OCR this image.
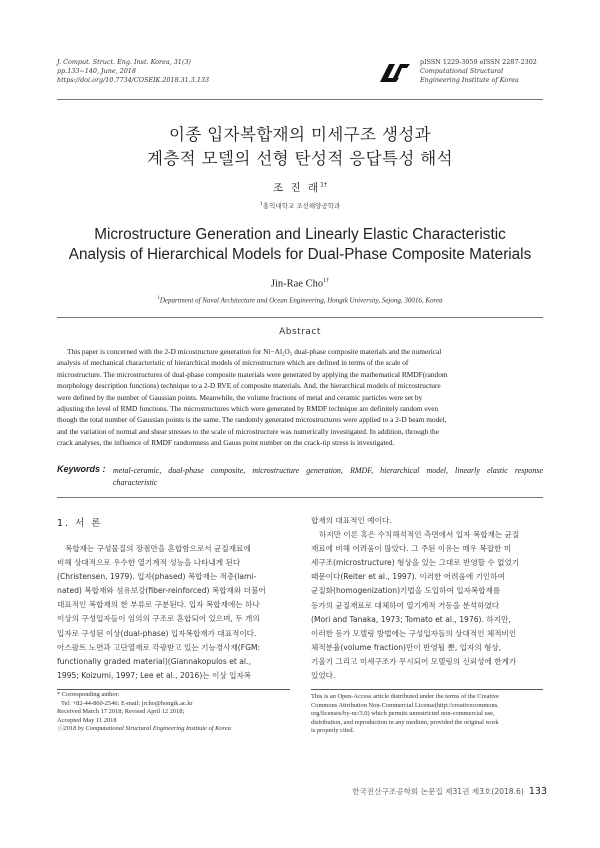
J. Comput. Struct. Eng. Inst. Korea, 31(3)
pp.133~140, June, 2018
https://doi.org/10.7734/COSEIK.2018.31.3.133
pISSN 1229-3059 eISSN 2287-2302
Computational Structural
Engineering Institute of Korea
이종 입자복합재의 미세구조 생성과
계층적 모델의 선형 탄성적 응답특성 해석
조 진 래$^{1\dagger}$
$^1$홍익대학교 조선해양공학과
Microstructure Generation and Linearly Elastic Characteristic
Analysis of Hierarchical Models for Dual-Phase Composite Materials
Jin-Rae Cho$^{1\dagger}$
$^1$Department of Naval Architecture and Ocean Engineering, Hongik University, Sejong, 30016, Korea
Abstract
This paper is concerned with the 2-D micostructure generation for Ni−Al₂O₃ dual-phase composite materials and the numerical
analysis of mechanical characteristic of hierarchical models of microstructure which are defined in terms of the scale of
microstructure. The microstructures of dual-phase composite materials were generated by applying the mathematical RMDF(random
morphology description functions) technique to a 2-D RVE of composite materials. And, the hierarchical models of microstructure
were defined by the number of Gaussian points. Meanwhile, the volume fractions of metal and ceramic particles were set by
adjusting the level of RMD functions. The microstructures which were generated by RMDF technique are definitely random even
though the total number of Gaussian points is the same. The randomly generated microstructures were applied to a 2-D beam model,
and the variation of normal and shear stresses to the scale of microstructure was numerically investigated. In addition, through the
crack analyses, the influence of RMDF randomness and Gauss point number on the crack-tip stress is investigated.
Keywords : metal-ceramic, dual-phase composite, microstructure generation, RMDF, hierarchical model, linearly elastic response characteristic
1. 서 론
복합재는 구성물질의 장점만을 혼합함으로서 균질재료에
비해 상대적으로 우수한 열기계적 성능을 나타내게 된다
(Christensen, 1979). 입자(phased) 복합재는 적층(lami-
nated) 복합재와 섬유보강(fiber-reinforced) 복합재와 더불어
대표적인 복합재의 한 부류로 구분된다. 입자 복합재에는 하나
이상의 구성입자들이 임의의 구조로 혼합되어 있으며, 두 개의
입자로 구성된 이상(dual-phase) 입자복합재가 대표적이다.
아스팔트 노면과 고단열재로 각광받고 있는 기능경사재(FGM:
functionally graded material)(Giannakopulos et al.,
1995; Koizumi, 1997; Lee et al., 2016)는 이상 입자복
합재의 대표적인 예이다.
하지만 이론 혹은 수치해석적인 측면에서 입자 복합재는 균질
재료에 비해 어려움이 많았다. 그 주된 이유는 매우 복잡한 미
세구조(microstructure) 형상을 있는 그대로 반영할 수 없었기
때문이다(Reiter et al., 1997). 이러한 어려움에 기인하여
균질화(homogenization)기법을 도입하여 입자복합재를
등가의 균질재료로 대체하여 열기계적 거동을 분석하였다
(Mori and Tanaka, 1973; Tomato et al., 1976). 하지만,
이러한 등가 모델링 방법에는 구성입자들의 상대적인 체적비인
체적분율(volume fraction)만이 반영될 뿐, 입자의 형상,
기울기 그리고 미세구조가 무시되어 모델링의 신뢰성에 한계가
있었다.
* Corresponding author:
Tel: +82-44-860-2546; E-mail: jrcho@hongik.ac.kr
Received March 17 2018; Revised April 12 2018;
Accepted May 11 2018
ⓒ2018 by Computational Structural Engineering Institute of Korea
This is an Open-Access article distributed under the terms of the Creative
Commons Attribution Non-Commercial License(http://creativecommons.
org/licenses/by-nc/3.0) which permits unrestricted non-commercial use,
distribution, and reproduction in any medium, provided the original work
is properly cited.
한국전산구조공학회 논문집 제31권 제3호(2018.6) 133
